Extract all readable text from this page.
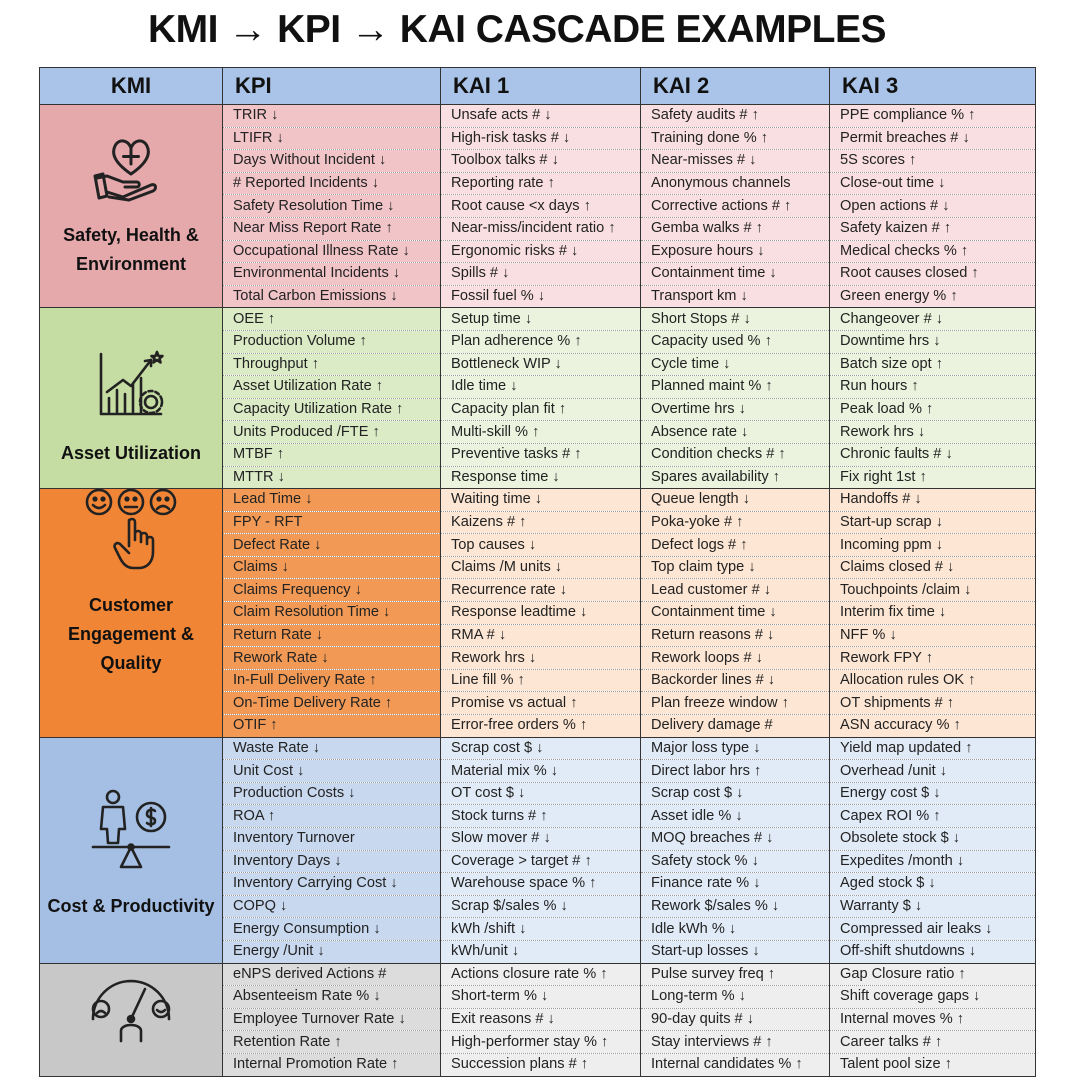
KMI → KPI → KAI CASCADE EXAMPLES
KMI	KPI	KAI 1	KAI 2	KAI 3

Safety, Health & Environment	TRIR ↓	Unsafe acts # ↓	Safety audits # ↑	PPE compliance % ↑
	LTIFR ↓	High-risk tasks # ↓	Training done % ↑	Permit breaches # ↓
	Days Without Incident ↓	Toolbox talks # ↓	Near-misses # ↓	5S scores ↑
	# Reported Incidents ↓	Reporting rate ↑	Anonymous channels	Close-out time ↓
	Safety Resolution Time ↓	Root cause <x days ↑	Corrective actions # ↑	Open actions # ↓
	Near Miss Report Rate ↑	Near-miss/incident ratio ↑	Gemba walks # ↑	Safety kaizen # ↑
	Occupational Illness Rate ↓	Ergonomic risks # ↓	Exposure hours ↓	Medical checks % ↑
	Environmental Incidents ↓	Spills # ↓	Containment time ↓	Root causes closed ↑
	Total Carbon Emissions ↓	Fossil fuel % ↓	Transport km ↓	Green energy % ↑

Asset Utilization	OEE ↑	Setup time ↓	Short Stops # ↓	Changeover # ↓
	Production Volume ↑	Plan adherence % ↑	Capacity used % ↑	Downtime hrs ↓
	Throughput ↑	Bottleneck WIP ↓	Cycle time ↓	Batch size opt ↑
	Asset Utilization Rate ↑	Idle time ↓	Planned maint % ↑	Run hours ↑
	Capacity Utilization Rate ↑	Capacity plan fit ↑	Overtime hrs ↓	Peak load % ↑
	Units Produced /FTE ↑	Multi-skill % ↑	Absence rate ↓	Rework hrs ↓
	MTBF ↑	Preventive tasks # ↑	Condition checks # ↑	Chronic faults # ↓
	MTTR ↓	Response time ↓	Spares availability ↑	Fix right 1st ↑

Customer Engagement & Quality	Lead Time ↓	Waiting time ↓	Queue length ↓	Handoffs # ↓
	FPY - RFT	Kaizens # ↑	Poka-yoke # ↑	Start-up scrap ↓
	Defect Rate ↓	Top causes ↓	Defect logs # ↑	Incoming ppm ↓
	Claims ↓	Claims /M units ↓	Top claim type ↓	Claims closed # ↓
	Claims Frequency ↓	Recurrence rate ↓	Lead customer # ↓	Touchpoints /claim ↓
	Claim Resolution Time ↓	Response leadtime ↓	Containment time ↓	Interim fix time ↓
	Return Rate ↓	RMA # ↓	Return reasons # ↓	NFF % ↓
	Rework Rate ↓	Rework hrs ↓	Rework loops # ↓	Rework FPY ↑
	In-Full Delivery Rate ↑	Line fill % ↑	Backorder lines # ↓	Allocation rules OK ↑
	On-Time Delivery Rate ↑	Promise vs actual ↑	Plan freeze window ↑	OT shipments # ↑
	OTIF ↑	Error-free orders % ↑	Delivery damage #	ASN accuracy % ↑

Cost & Productivity	Waste Rate ↓	Scrap cost $ ↓	Major loss type ↓	Yield map updated ↑
	Unit Cost ↓	Material mix % ↓	Direct labor hrs ↑	Overhead /unit ↓
	Production Costs ↓	OT cost $ ↓	Scrap cost $ ↓	Energy cost $ ↓
	ROA ↑	Stock turns # ↑	Asset idle % ↓	Capex ROI % ↑
	Inventory Turnover	Slow mover # ↓	MOQ breaches # ↓	Obsolete stock $ ↓
	Inventory Days ↓	Coverage > target # ↑	Safety stock % ↓	Expedites /month ↓
	Inventory Carrying Cost ↓	Warehouse space % ↑	Finance rate % ↓	Aged stock $ ↓
	COPQ ↓	Scrap $/sales % ↓	Rework $/sales % ↓	Warranty $ ↓
	Energy Consumption ↓	kWh /shift ↓	Idle kWh % ↓	Compressed air leaks ↓
	Energy /Unit ↓	kWh/unit ↓	Start-up losses ↓	Off-shift shutdowns ↓

	eNPS derived Actions #	Actions closure rate % ↑	Pulse survey freq ↑	Gap Closure ratio ↑
	Absenteeism Rate % ↓	Short-term % ↓	Long-term % ↓	Shift coverage gaps ↓
	Employee Turnover Rate ↓	Exit reasons # ↓	90-day quits # ↓	Internal moves % ↑
	Retention Rate ↑	High-performer stay % ↑	Stay interviews # ↑	Career talks # ↑
	Internal Promotion Rate ↑	Succession plans # ↑	Internal candidates % ↑	Talent pool size ↑
